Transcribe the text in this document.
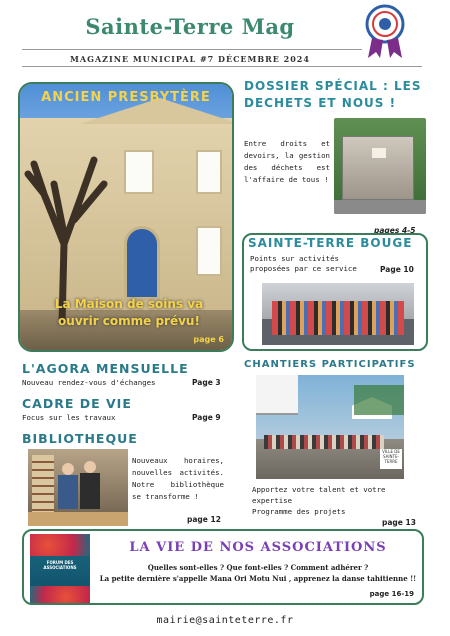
Sainte-Terre Mag
MAGAZINE MUNICIPAL #7 DÉCEMBRE 2024
ANCIEN PRESBYTÈRE
La Maison de soins va ouvrir comme prévu!
page 6
DOSSIER SPÉCIAL : LES DECHETS ET NOUS !
Entre droits et devoirs, la gestion des déchets est l'affaire de tous !
pages 4-5
SAINTE-TERRE BOUGE
Points sur activités proposées par ce service	Page 10
L'AGORA MENSUELLE
Nouveau rendez-vous d'échanges	Page 3
CADRE DE VIE
Focus sur les travaux	Page 9
BIBLIOTHEQUE
Nouveaux horaires, nouvelles activités. Notre bibliothèque se transforme !
page 12
CHANTIERS PARTICIPATIFS
VILLE DE SAINTE-TERRE
Apportez votre talent et votre expertise
Programme des projets
page 13
FORUM DES ASSOCIATIONS
LA VIE DE NOS ASSOCIATIONS
Quelles sont-elles ? Que font-elles ? Comment adhérer ?
La petite dernière s'appelle Mana Ori Motu Nui , apprenez la danse tahitienne !!
page 16-19
mairie@sainteterre.fr
